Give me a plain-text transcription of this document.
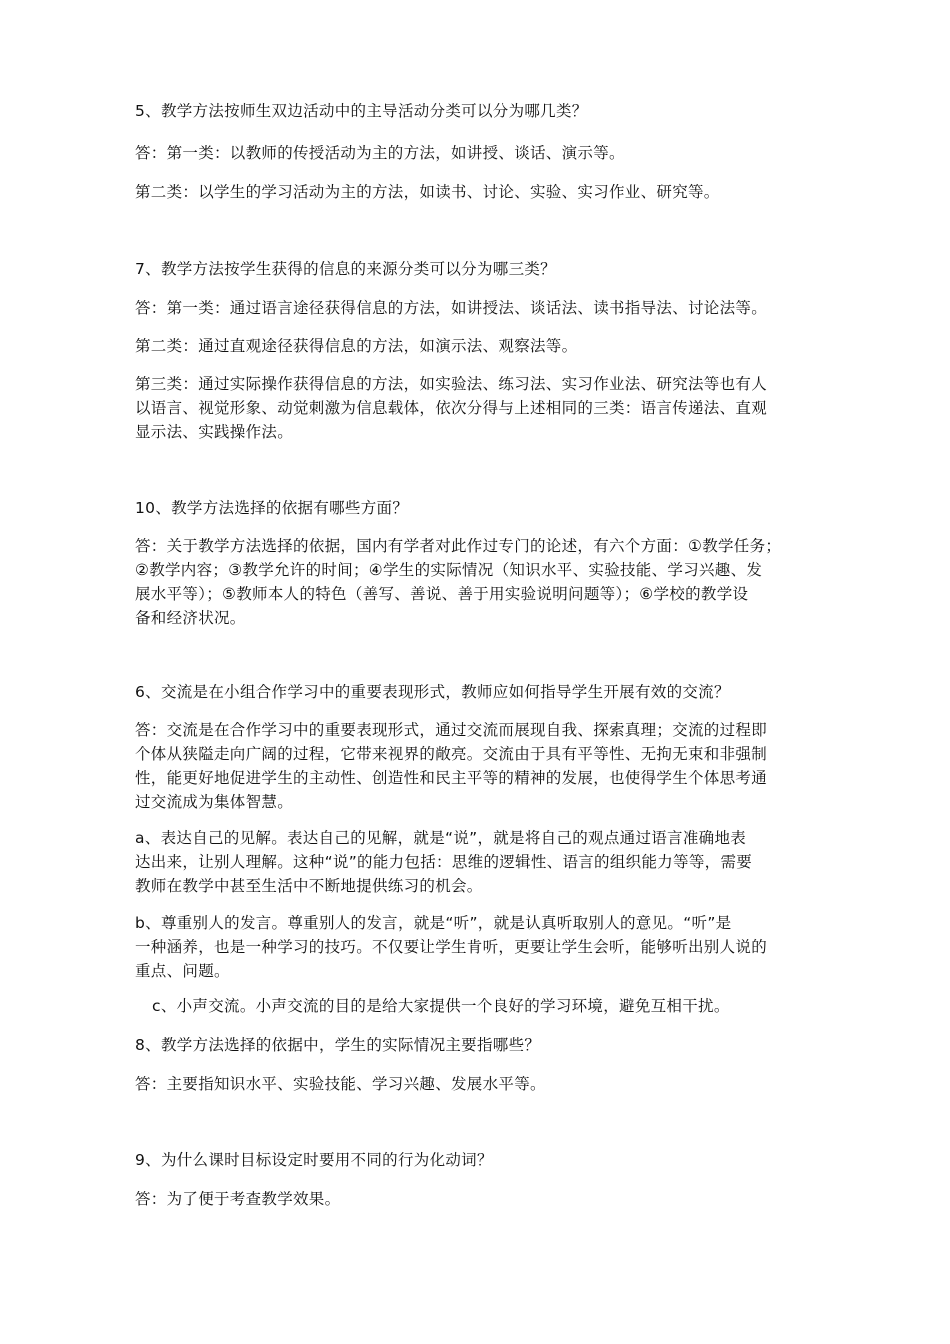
5、教学方法按师生双边活动中的主导活动分类可以分为哪几类？

答：第一类：以教师的传授活动为主的方法，如讲授、谈话、演示等。

第二类：以学生的学习活动为主的方法，如读书、讨论、实验、实习作业、研究等。

7、教学方法按学生获得的信息的来源分类可以分为哪三类？

答：第一类：通过语言途径获得信息的方法，如讲授法、谈话法、读书指导法、讨论法等。

第二类：通过直观途径获得信息的方法，如演示法、观察法等。

第三类：通过实际操作获得信息的方法，如实验法、练习法、实习作业法、研究法等也有人
以语言、视觉形象、动觉刺激为信息载体，依次分得与上述相同的三类：语言传递法、直观
显示法、实践操作法。

10、教学方法选择的依据有哪些方面？

答：关于教学方法选择的依据，国内有学者对此作过专门的论述，有六个方面：①教学任务；
②教学内容；③教学允许的时间；④学生的实际情况（知识水平、实验技能、学习兴趣、发
展水平等）；⑤教师本人的特色（善写、善说、善于用实验说明问题等）；⑥学校的教学设
备和经济状况。

6、交流是在小组合作学习中的重要表现形式，教师应如何指导学生开展有效的交流？

答：交流是在合作学习中的重要表现形式，通过交流而展现自我、探索真理；交流的过程即
个体从狭隘走向广阔的过程，它带来视界的敞亮。交流由于具有平等性、无拘无束和非强制
性，能更好地促进学生的主动性、创造性和民主平等的精神的发展，也使得学生个体思考通
过交流成为集体智慧。

a、表达自己的见解。表达自己的见解，就是“说”，就是将自己的观点通过语言准确地表
达出来，让别人理解。这种“说”的能力包括：思维的逻辑性、语言的组织能力等等，需要
教师在教学中甚至生活中不断地提供练习的机会。

b、尊重别人的发言。尊重别人的发言，就是“听”，就是认真听取别人的意见。“听”是
一种涵养，也是一种学习的技巧。不仅要让学生肯听，更要让学生会听，能够听出别人说的
重点、问题。

c、小声交流。小声交流的目的是给大家提供一个良好的学习环境，避免互相干扰。

8、教学方法选择的依据中，学生的实际情况主要指哪些？

答：主要指知识水平、实验技能、学习兴趣、发展水平等。

9、为什么课时目标设定时要用不同的行为化动词？

答：为了便于考查教学效果。
